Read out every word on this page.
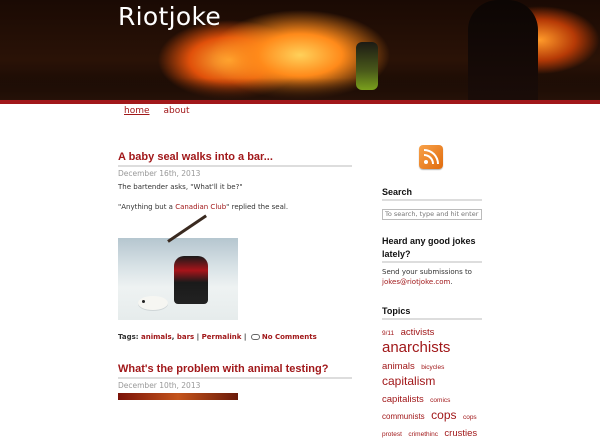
Riotjoke
home about
A baby seal walks into a bar...
December 16th, 2013
The bartender asks, "What'll it be?"
"Anything but a Canadian Club" replied the seal.
Tags: animals, bars | Permalink | No Comments
What's the problem with animal testing?
December 10th, 2013
Search
To search, type and hit enter
Heard any good jokes lately?
Send your submissions to jokes@riotjoke.com.
Topics
9/11 activists anarchists animals bicycles capitalism capitalists comics communists cops cops protest crimethinc crusties
